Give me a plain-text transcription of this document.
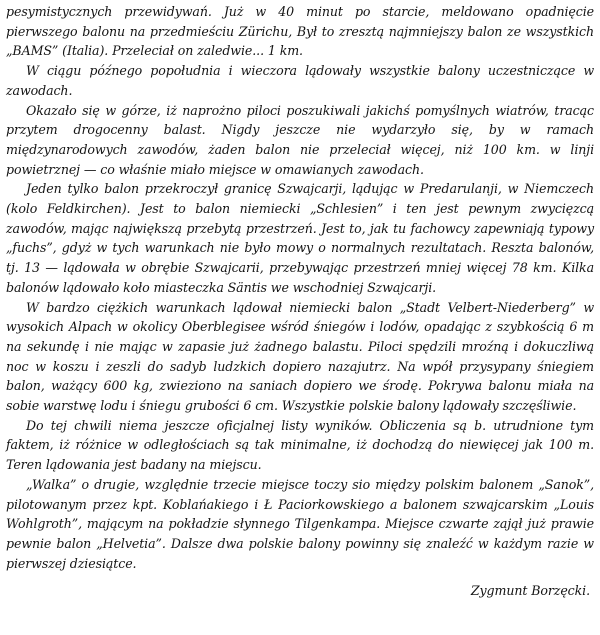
pesymistycznych przewidywań. Już w 40 minut po starcie, meldowano opadnięcie pierwszego balonu na przedmieściu Zürichu, Był to zresztą najmniejszy balon ze wszystkich „BAMS” (Italia). Przeleciał on zaledwie... 1 km.

W ciągu późnego popołudnia i wieczora lądowały wszystkie balony uczestniczące w zawodach.

Okazało się w górze, iż naprożno piloci poszukiwali jakichś pomyślnych wiatrów, tracąc przytem drogocenny balast. Nigdy jeszcze nie wydarzyło się, by w ramach międzynarodowych zawodów, żaden balon nie przeleciał więcej, niż 100 km. w linji powietrznej — co właśnie miało miejsce w omawianych zawodach.

Jeden tylko balon przekroczył granicę Szwajcarji, lądując w Predarulanji, w Niemczech (kolo Feldkirchen). Jest to balon niemiecki „Schlesien” i ten jest pewnym zwycięzcą zawodów, mając największą przebytą przestrzeń. Jest to, jak tu fachowcy zapewniają typowy „fuchs”, gdyż w tych warunkach nie było mowy o normalnych rezultatach. Reszta balonów, tj. 13 — lądowała w obrębie Szwajcarii, przebywając przestrzeń mniej więcej 78 km. Kilka balonów lądowało koło miasteczka Säntis we wschodniej Szwajcarji.

W bardzo ciężkich warunkach lądował niemiecki balon „Stadt Velbert-Niederberg” w wysokich Alpach w okolicy Oberblegisee wśród śniegów i lodów, opadając z szybkością 6 m na sekundę i nie mając w zapasie już żadnego balastu. Piloci spędzili mroźną i dokuczliwą noc w koszu i zeszli do sadyb ludzkich dopiero nazajutrz. Na wpół przysypany śniegiem balon, ważący 600 kg, zwieziono na saniach dopiero we środę. Pokrywa balonu miała na sobie warstwę lodu i śniegu grubości 6 cm. Wszystkie polskie balony lądowały szczęśliwie.

Do tej chwili niema jeszcze oficjalnej listy wyników. Obliczenia są b. utrudnione tym faktem, iż różnice w odległościach są tak minimalne, iż dochodzą do niewięcej jak 100 m. Teren lądowania jest badany na miejscu.

„Walka” o drugie, względnie trzecie miejsce toczy sio między polskim balonem „Sanok”, pilotowanym przez kpt. Koblańakiego i Ł Paciorkowskiego a balonem szwajcarskim „Louis Wohlgroth”, mającym na pokładzie słynnego Tilgenkampa. Miejsce czwarte zajął już prawie pewnie balon „Helvetia”. Dalsze dwa polskie balony powinny się znaleźć w każdym razie w pierwszej dziesiątce.

Zygmunt Borzęcki.
